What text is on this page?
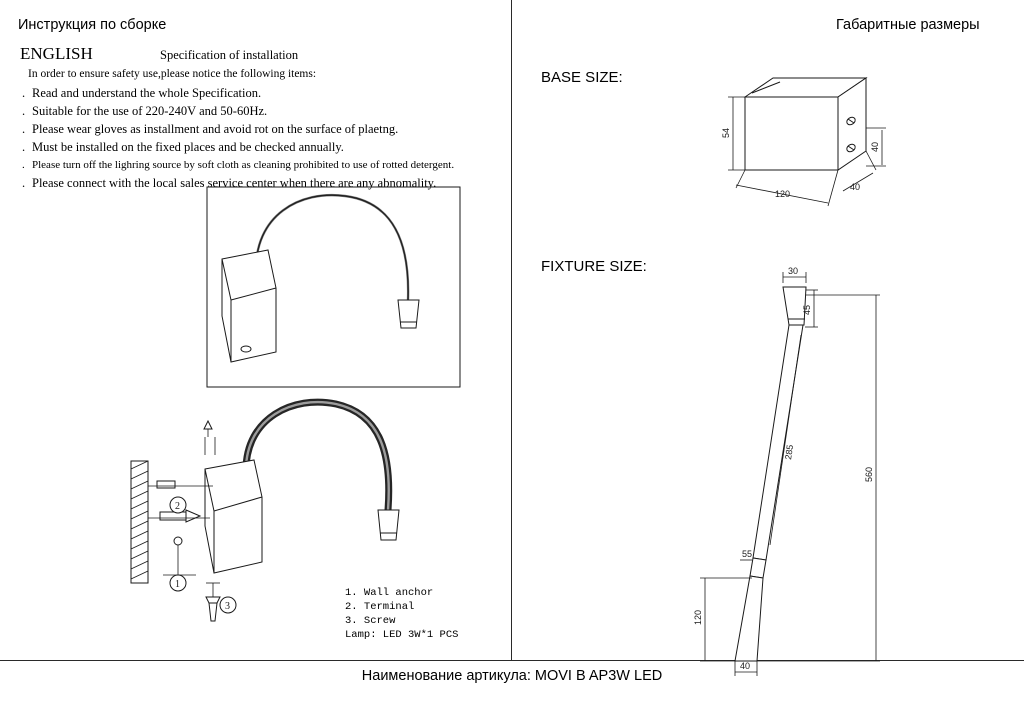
Инструкция по сборке	Габаритные размеры
ENGLISH	Specification of installation
In order to ensure safety use,please notice the following items:
. Read and understand the whole Specification.
. Suitable for the use of 220-240V and 50-60Hz.
. Please wear gloves as installment and avoid rot on the surface of plaetng.
. Must be installed on the fixed places and be checked annually.
. Please turn off the lighring source by soft cloth as cleaning prohibited to use of rotted detergent.
. Please connect with the local sales service center when there are any abnomality.
1. Wall anchor
2. Terminal
3. Screw
Lamp: LED 3W*1 PCS
1
2
3
BASE SIZE:
FIXTURE SIZE:
54
120
40
40
30
45
285
560
55
120
40
Наименование артикула: MOVI B AP3W LED
